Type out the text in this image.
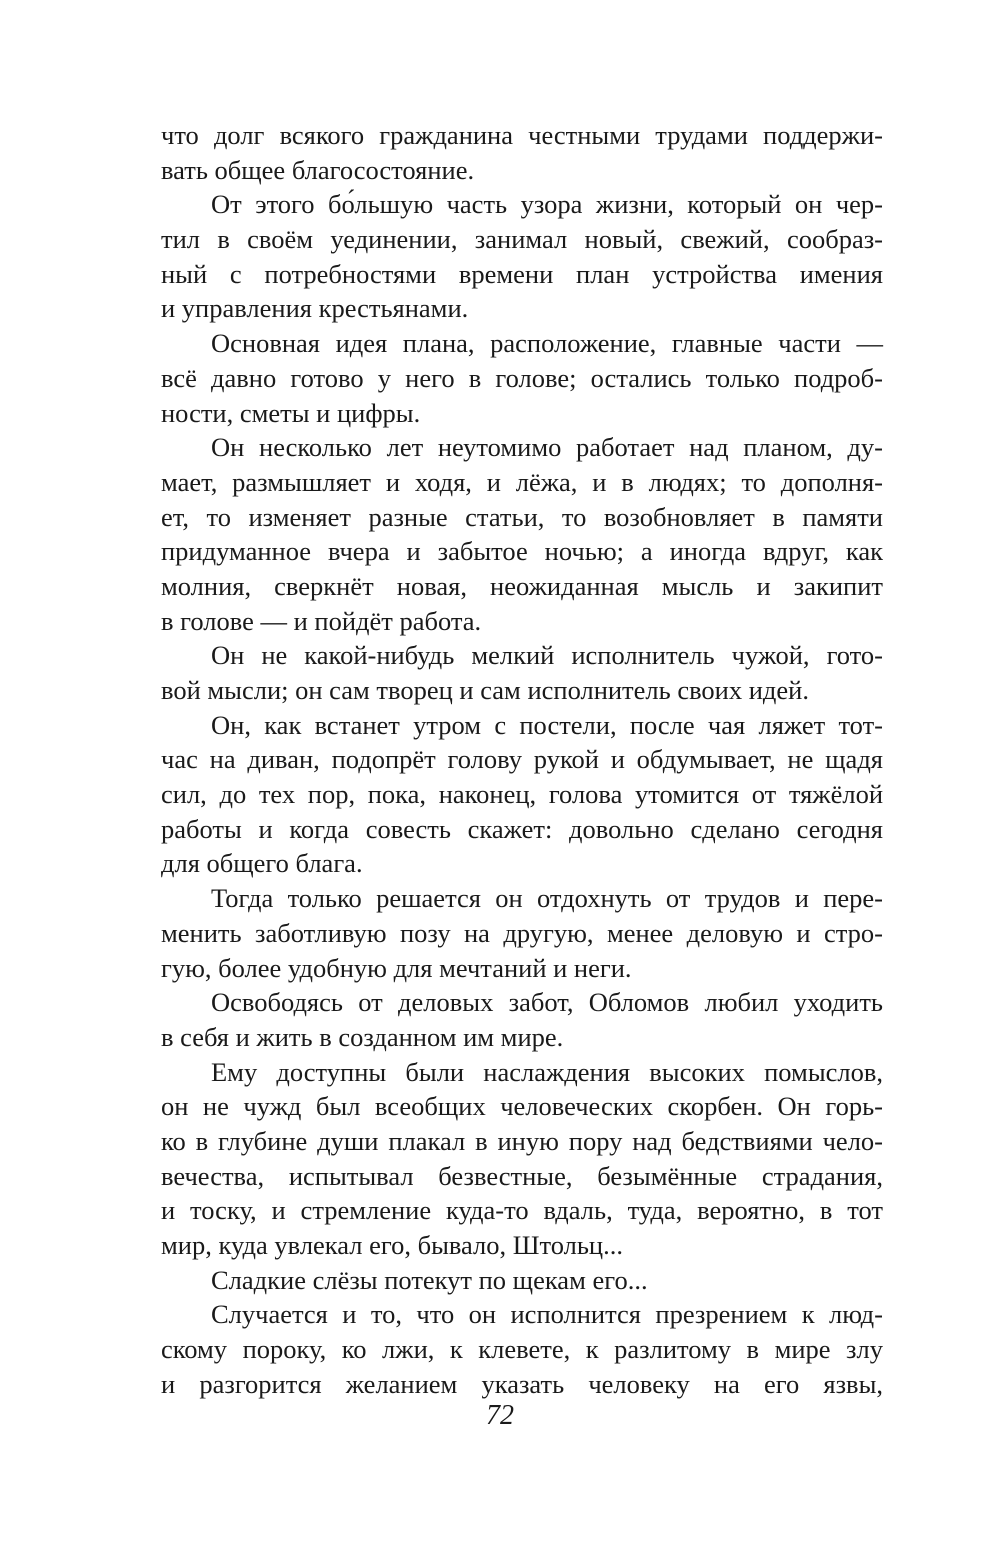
что долг всякого гражданина честными трудами поддержи-
вать общее благосостояние.
От этого бо́льшую часть узора жизни, который он чер-
тил в своём уединении, занимал новый, свежий, сообраз-
ный с потребностями времени план устройства имения
и управления крестьянами.
Основная идея плана, расположение, главные части —
всё давно готово у него в голове; остались только подроб-
ности, сметы и цифры.
Он несколько лет неутомимо работает над планом, ду-
мает, размышляет и ходя, и лёжа, и в людях; то дополня-
ет, то изменяет разные статьи, то возобновляет в памяти
придуманное вчера и забытое ночью; а иногда вдруг, как
молния, сверкнёт новая, неожиданная мысль и закипит
в голове — и пойдёт работа.
Он не какой-нибудь мелкий исполнитель чужой, гото-
вой мысли; он сам творец и сам исполнитель своих идей.
Он, как встанет утром с постели, после чая ляжет тот-
час на диван, подопрёт голову рукой и обдумывает, не щадя
сил, до тех пор, пока, наконец, голова утомится от тяжёлой
работы и когда совесть скажет: довольно сделано сегодня
для общего блага.
Тогда только решается он отдохнуть от трудов и пере-
менить заботливую позу на другую, менее деловую и стро-
гую, более удобную для мечтаний и неги.
Освободясь от деловых забот, Обломов любил уходить
в себя и жить в созданном им мире.
Ему доступны были наслаждения высоких помыслов,
он не чужд был всеобщих человеческих скорбен. Он горь-
ко в глубине души плакал в иную пору над бедствиями чело-
вечества, испытывал безвестные, безымённые страдания,
и тоску, и стремление куда-то вдаль, туда, вероятно, в тот
мир, куда увлекал его, бывало, Штольц...
Сладкие слёзы потекут по щекам его...
Случается и то, что он исполнится презрением к люд-
скому пороку, ко лжи, к клевете, к разлитому в мире злу
и разгорится желанием указать человеку на его язвы,
72
